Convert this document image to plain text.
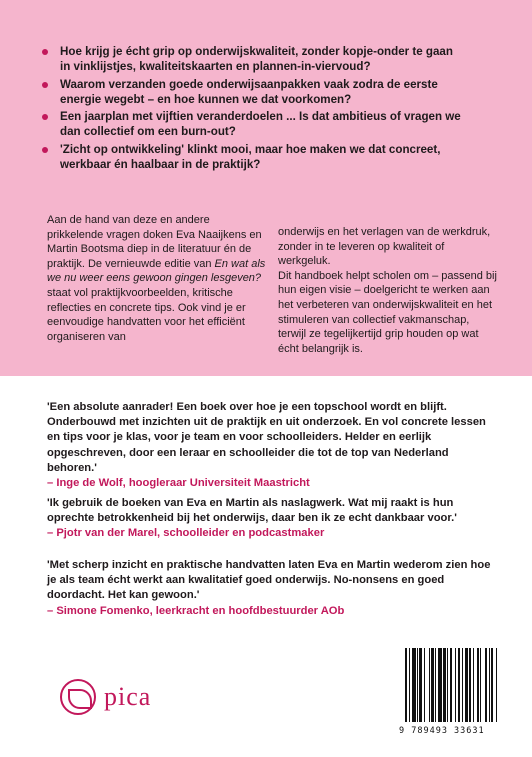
Hoe krijg je écht grip op onderwijskwaliteit, zonder kopje-onder te gaan in vinklijstjes, kwaliteitskaarten en plannen-in-viervoud?
Waarom verzanden goede onderwijsaanpakken vaak zodra de eerste energie wegebt – en hoe kunnen we dat voorkomen?
Een jaarplan met vijftien veranderdoelen ... Is dat ambitieus of vragen we dan collectief om een burn-out?
'Zicht op ontwikkeling' klinkt mooi, maar hoe maken we dat concreet, werkbaar én haalbaar in de praktijk?

Aan de hand van deze en andere prikkelende vragen doken Eva Naaijkens en Martin Bootsma diep in de literatuur én de praktijk. De vernieuwde editie van En wat als we nu weer eens gewoon gingen lesgeven? staat vol praktijkvoorbeelden, kritische reflecties en concrete tips. Ook vind je er eenvoudige handvatten voor het efficiënt organiseren van

onderwijs en het verlagen van de werkdruk, zonder in te leveren op kwaliteit of werkgeluk.

Dit handboek helpt scholen om – passend bij hun eigen visie – doelgericht te werken aan het verbeteren van onderwijskwaliteit en het stimuleren van collectief vakmanschap, terwijl ze tegelijkertijd grip houden op wat écht belangrijk is.

'Een absolute aanrader! Een boek over hoe je een topschool wordt en blijft. Onderbouwd met inzichten uit de praktijk en uit onderzoek. En vol concrete lessen en tips voor je klas, voor je team en voor schoolleiders. Helder en eerlijk opgeschreven, door een leraar en schoolleider die tot de top van Nederland behoren.'

– Inge de Wolf, hoogleraar Universiteit Maastricht

'Ik gebruik de boeken van Eva en Martin als naslagwerk. Wat mij raakt is hun oprechte betrokkenheid bij het onderwijs, daar ben ik ze echt dankbaar voor.'

– Pjotr van der Marel, schoolleider en podcastmaker

'Met scherp inzicht en praktische handvatten laten Eva en Martin wederom zien hoe je als team écht werkt aan kwalitatief goed onderwijs. No-nonsens en goed doordacht. Het kan gewoon.'

– Simone Fomenko, leerkracht en hoofdbestuurder AOb

pica
9 789493 33631
